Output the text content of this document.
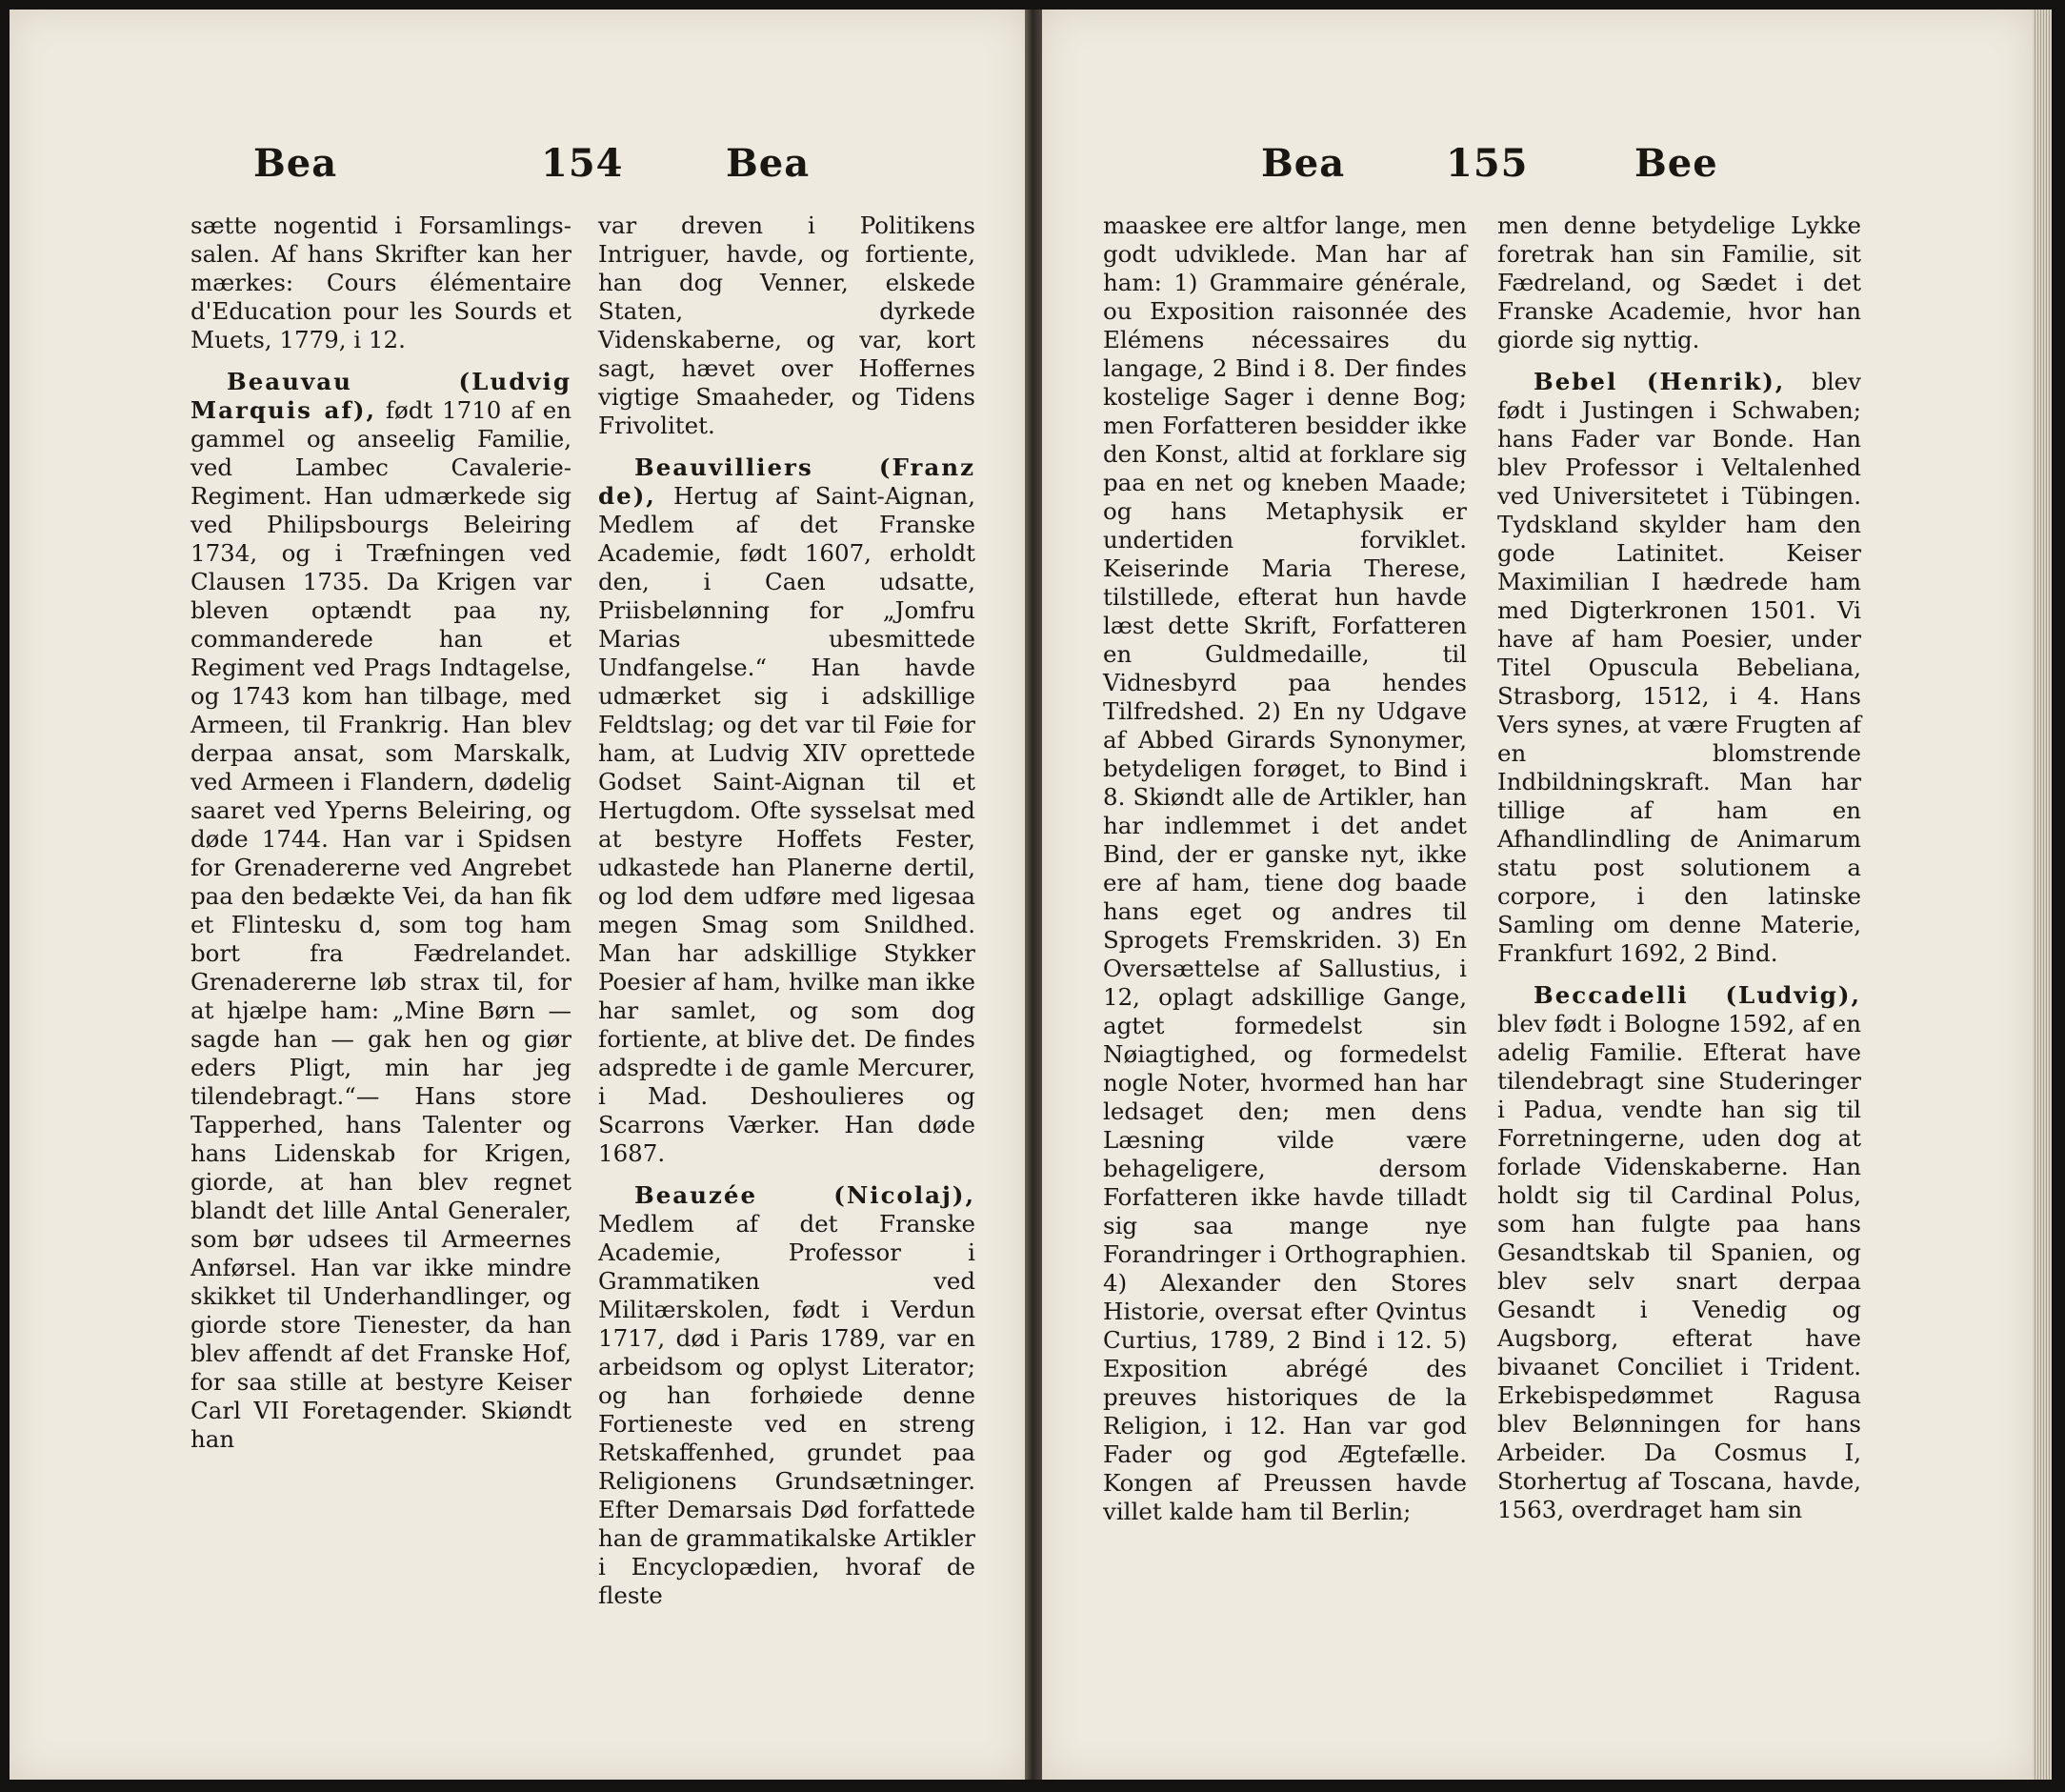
Bea	154	Bea

sætte nogentid i Forsamlings- salen. Af hans Skrifter kan her mærkes: Cours élémentaire d'Education pour les Sourds et Muets, 1779, i 12.

Beauvau (Ludvig Marquis af), født 1710 af en gammel og anseelig Familie, ved Lambec Cavalerie- Regiment. Han udmærkede sig ved Philipsbourgs Beleiring 1734, og i Træfningen ved Clausen 1735. Da Krigen var bleven optændt paa ny, commanderede han et Regiment ved Prags Indtagelse, og 1743 kom han tilbage, med Armeen, til Frankrig. Han blev derpaa ansat, som Marskalk, ved Armeen i Flandern, dødelig saaret ved Yperns Beleiring, og døde 1744. Han var i Spidsen for Grenadererne ved Angrebet paa den bedækte Vei, da han fik et Flintesku d, som tog ham bort fra Fædrelandet. Grenadererne løb strax til, for at hjælpe ham: „Mine Børn — sagde han — gak hen og giør eders Pligt, min har jeg tilendebragt.“— Hans store Tapperhed, hans Talenter og hans Lidenskab for Krigen, giorde, at han blev regnet blandt det lille Antal Generaler, som bør udsees til Armeernes Anførsel. Han var ikke mindre skikket til Underhandlinger, og giorde store Tienester, da han blev affendt af det Franske Hof, for saa stille at bestyre Keiser Carl VII Foretagender. Skiøndt han

var dreven i Politikens Intriguer, havde, og fortiente, han dog Venner, elskede Staten, dyrkede Videnskaberne, og var, kort sagt, hævet over Hoffernes vigtige Smaaheder, og Tidens Frivolitet.

Beauvilliers (Franz de), Hertug af Saint-Aignan, Medlem af det Franske Academie, født 1607, erholdt den, i Caen udsatte, Priisbelønning for „Jomfru Marias ubesmittede Undfangelse.“ Han havde udmærket sig i adskillige Feldtslag; og det var til Føie for ham, at Ludvig XIV oprettede Godset Saint-Aignan til et Hertugdom. Ofte sysselsat med at bestyre Hoffets Fester, udkastede han Planerne dertil, og lod dem udføre med ligesaa megen Smag som Snildhed. Man har adskillige Stykker Poesier af ham, hvilke man ikke har samlet, og som dog fortiente, at blive det. De findes adspredte i de gamle Mercurer, i Mad. Deshoulieres og Scarrons Værker. Han døde 1687.

Beauzée (Nicolaj), Medlem af det Franske Academie, Professor i Grammatiken ved Militærskolen, født i Verdun 1717, død i Paris 1789, var en arbeidsom og oplyst Literator; og han forhøiede denne Fortieneste ved en streng Retskaffenhed, grundet paa Religionens Grundsætninger. Efter Demarsais Død forfattede han de grammatikalske Artikler i Encyclopædien, hvoraf de fleste

Bea	155	Bee

maaskee ere altfor lange, men godt udviklede. Man har af ham: 1) Grammaire générale, ou Exposition raisonnée des Elémens nécessaires du langage, 2 Bind i 8. Der findes kostelige Sager i denne Bog; men Forfatteren besidder ikke den Konst, altid at forklare sig paa en net og kneben Maade; og hans Metaphysik er undertiden forviklet. Keiserinde Maria Therese, tilstillede, efterat hun havde læst dette Skrift, Forfatteren en Guldmedaille, til Vidnesbyrd paa hendes Tilfredshed. 2) En ny Udgave af Abbed Girards Synonymer, betydeligen forøget, to Bind i 8. Skiøndt alle de Artikler, han har indlemmet i det andet Bind, der er ganske nyt, ikke ere af ham, tiene dog baade hans eget og andres til Sprogets Fremskriden. 3) En Oversættelse af Sallustius, i 12, oplagt adskillige Gange, agtet formedelst sin Nøiagtighed, og formedelst nogle Noter, hvormed han har ledsaget den; men dens Læsning vilde være behageligere, dersom Forfatteren ikke havde tilladt sig saa mange nye Forandringer i Orthographien. 4) Alexander den Stores Historie, oversat efter Qvintus Curtius, 1789, 2 Bind i 12. 5) Exposition abrégé des preuves historiques de la Religion, i 12. Han var god Fader og god Ægtefælle. Kongen af Preussen havde villet kalde ham til Berlin;

men denne betydelige Lykke foretrak han sin Familie, sit Fædreland, og Sædet i det Franske Academie, hvor han giorde sig nyttig.

Bebel (Henrik), blev født i Justingen i Schwaben; hans Fader var Bonde. Han blev Professor i Veltalenhed ved Universitetet i Tübingen. Tydskland skylder ham den gode Latinitet. Keiser Maximilian I hædrede ham med Digterkronen 1501. Vi have af ham Poesier, under Titel Opuscula Bebeliana, Strasborg, 1512, i 4. Hans Vers synes, at være Frugten af en blomstrende Indbildningskraft. Man har tillige af ham en Afhandlindling de Animarum statu post solutionem a corpore, i den latinske Samling om denne Materie, Frankfurt 1692, 2 Bind.

Beccadelli (Ludvig), blev født i Bologne 1592, af en adelig Familie. Efterat have tilendebragt sine Studeringer i Padua, vendte han sig til Forretningerne, uden dog at forlade Videnskaberne. Han holdt sig til Cardinal Polus, som han fulgte paa hans Gesandtskab til Spanien, og blev selv snart derpaa Gesandt i Venedig og Augsborg, efterat have bivaanet Conciliet i Trident. Erkebispedømmet Ragusa blev Belønningen for hans Arbeider. Da Cosmus I, Storhertug af Toscana, havde, 1563, overdraget ham sin
